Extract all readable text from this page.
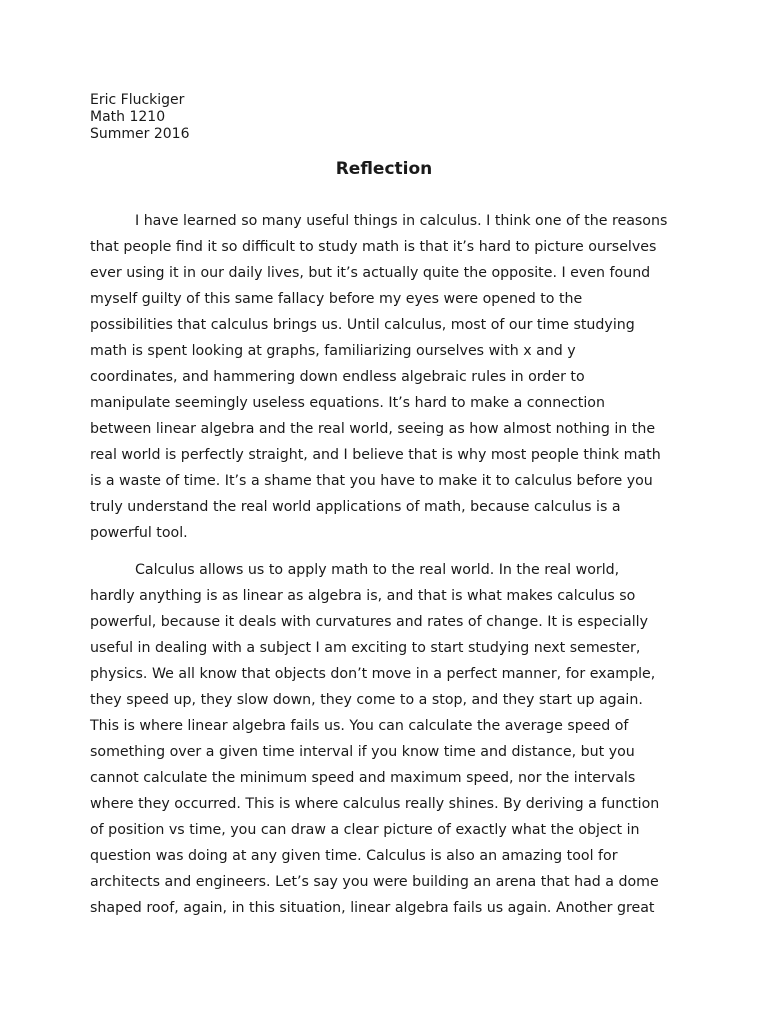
Eric Fluckiger
Math 1210
Summer 2016
Reflection
I have learned so many useful things in calculus. I think one of the reasons
that people find it so difficult to study math is that it’s hard to picture ourselves
ever using it in our daily lives, but it’s actually quite the opposite. I even found
myself guilty of this same fallacy before my eyes were opened to the
possibilities that calculus brings us. Until calculus, most of our time studying
math is spent looking at graphs, familiarizing ourselves with x and y
coordinates, and hammering down endless algebraic rules in order to
manipulate seemingly useless equations. It’s hard to make a connection
between linear algebra and the real world, seeing as how almost nothing in the
real world is perfectly straight, and I believe that is why most people think math
is a waste of time. It’s a shame that you have to make it to calculus before you
truly understand the real world applications of math, because calculus is a
powerful tool.
Calculus allows us to apply math to the real world. In the real world,
hardly anything is as linear as algebra is, and that is what makes calculus so
powerful, because it deals with curvatures and rates of change. It is especially
useful in dealing with a subject I am exciting to start studying next semester,
physics. We all know that objects don’t move in a perfect manner, for example,
they speed up, they slow down, they come to a stop, and they start up again.
This is where linear algebra fails us. You can calculate the average speed of
something over a given time interval if you know time and distance, but you
cannot calculate the minimum speed and maximum speed, nor the intervals
where they occurred. This is where calculus really shines. By deriving a function
of position vs time, you can draw a clear picture of exactly what the object in
question was doing at any given time. Calculus is also an amazing tool for
architects and engineers. Let’s say you were building an arena that had a dome
shaped roof, again, in this situation, linear algebra fails us again. Another great
